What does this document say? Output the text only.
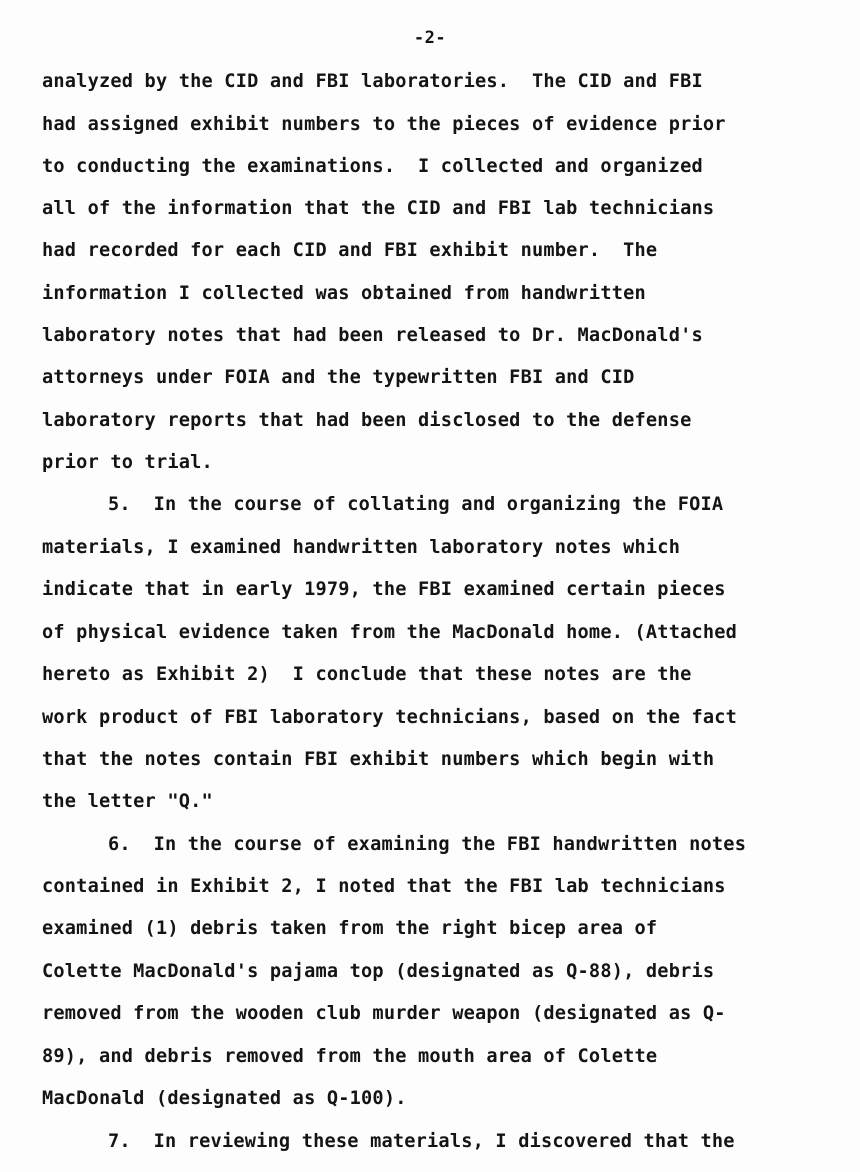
-2-
analyzed by the CID and FBI laboratories.  The CID and FBI
had assigned exhibit numbers to the pieces of evidence prior
to conducting the examinations.  I collected and organized
all of the information that the CID and FBI lab technicians
had recorded for each CID and FBI exhibit number.  The
information I collected was obtained from handwritten
laboratory notes that had been released to Dr. MacDonald's
attorneys under FOIA and the typewritten FBI and CID
laboratory reports that had been disclosed to the defense
prior to trial.
5.  In the course of collating and organizing the FOIA
materials, I examined handwritten laboratory notes which
indicate that in early 1979, the FBI examined certain pieces
of physical evidence taken from the MacDonald home. (Attached
hereto as Exhibit 2)  I conclude that these notes are the
work product of FBI laboratory technicians, based on the fact
that the notes contain FBI exhibit numbers which begin with
the letter "Q."
6.  In the course of examining the FBI handwritten notes
contained in Exhibit 2, I noted that the FBI lab technicians
examined (1) debris taken from the right bicep area of
Colette MacDonald's pajama top (designated as Q-88), debris
removed from the wooden club murder weapon (designated as Q-
89), and debris removed from the mouth area of Colette
MacDonald (designated as Q-100).
7.  In reviewing these materials, I discovered that the
